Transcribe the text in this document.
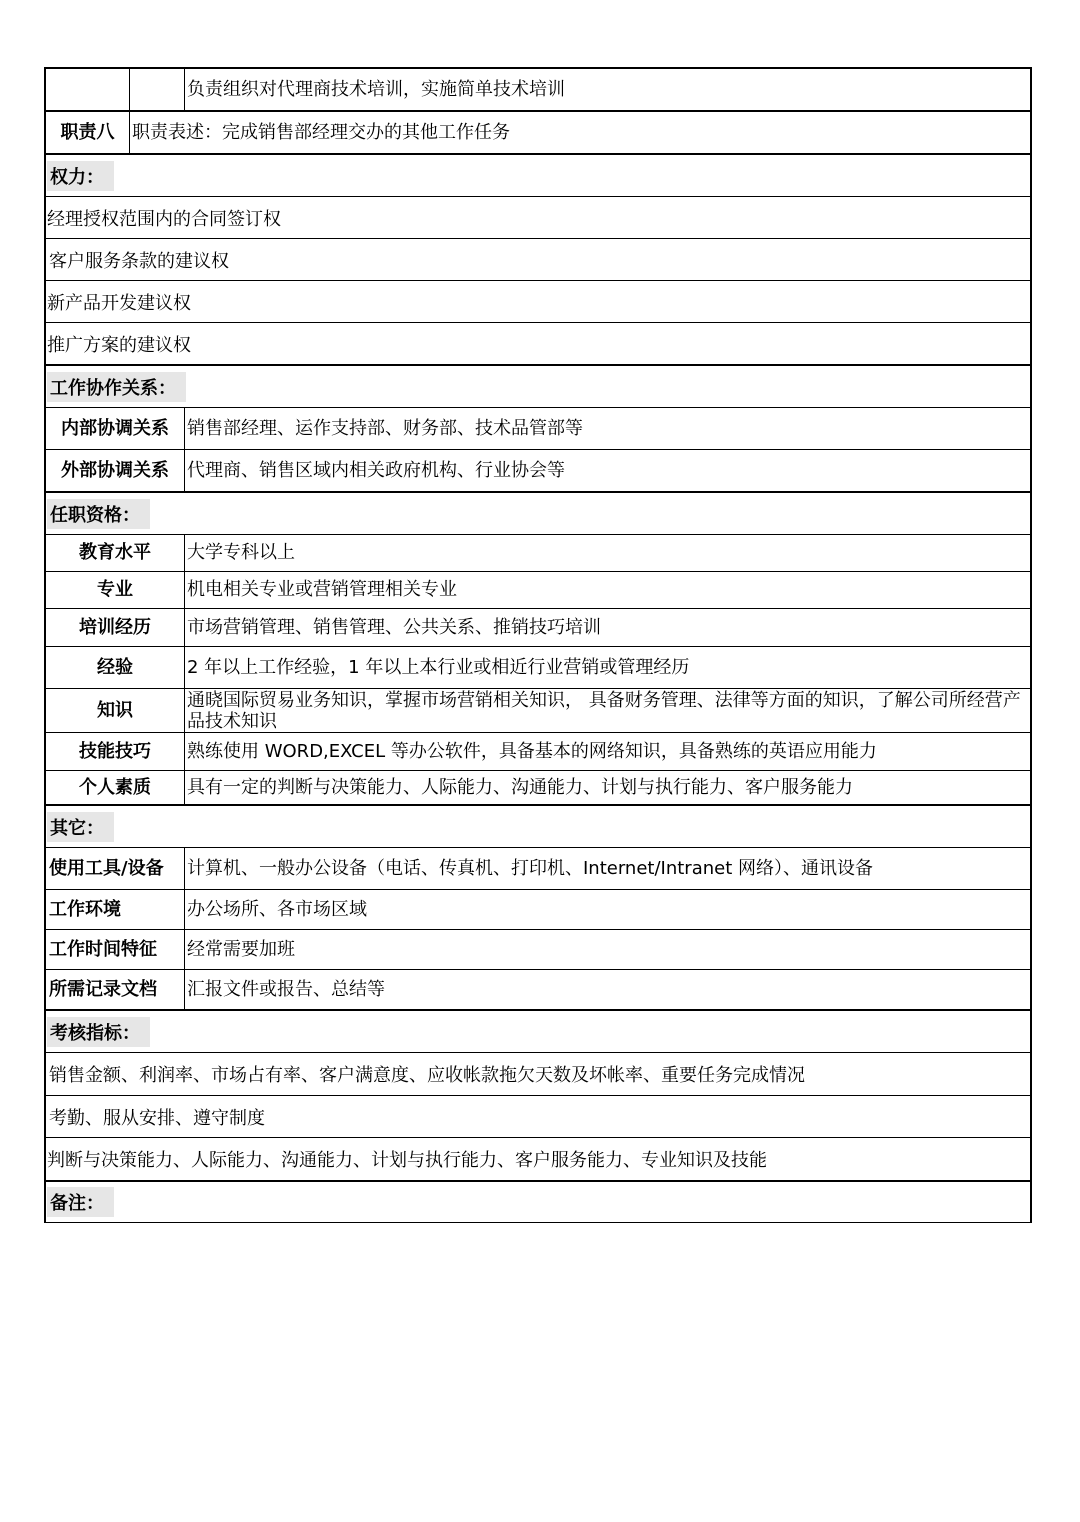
负责组织对代理商技术培训，实施简单技术培训
职责八 职责表述：完成销售部经理交办的其他工作任务
权力：
经理授权范围内的合同签订权
客户服务条款的建议权
新产品开发建议权
推广方案的建议权
工作协作关系：
内部协调关系	销售部经理、运作支持部、财务部、技术品管部等
外部协调关系	代理商、销售区域内相关政府机构、行业协会等
任职资格：
教育水平	大学专科以上
专业	机电相关专业或营销管理相关专业
培训经历	市场营销管理、销售管理、公共关系、推销技巧培训
经验	2 年以上工作经验，1 年以上本行业或相近行业营销或管理经历
知识	通晓国际贸易业务知识，掌握市场营销相关知识， 具备财务管理、法律等方面的知识，了解公司所经营产品技术知识
技能技巧	熟练使用 WORD,EXCEL 等办公软件，具备基本的网络知识，具备熟练的英语应用能力
个人素质	具有一定的判断与决策能力、人际能力、沟通能力、计划与执行能力、客户服务能力
其它：
使用工具/设备	计算机、一般办公设备（电话、传真机、打印机、Internet/Intranet 网络）、通讯设备
工作环境	办公场所、各市场区域
工作时间特征	经常需要加班
所需记录文档	汇报文件或报告、总结等
考核指标：
销售金额、利润率、市场占有率、客户满意度、应收帐款拖欠天数及坏帐率、重要任务完成情况
考勤、服从安排、遵守制度
判断与决策能力、人际能力、沟通能力、计划与执行能力、客户服务能力、专业知识及技能
备注：
